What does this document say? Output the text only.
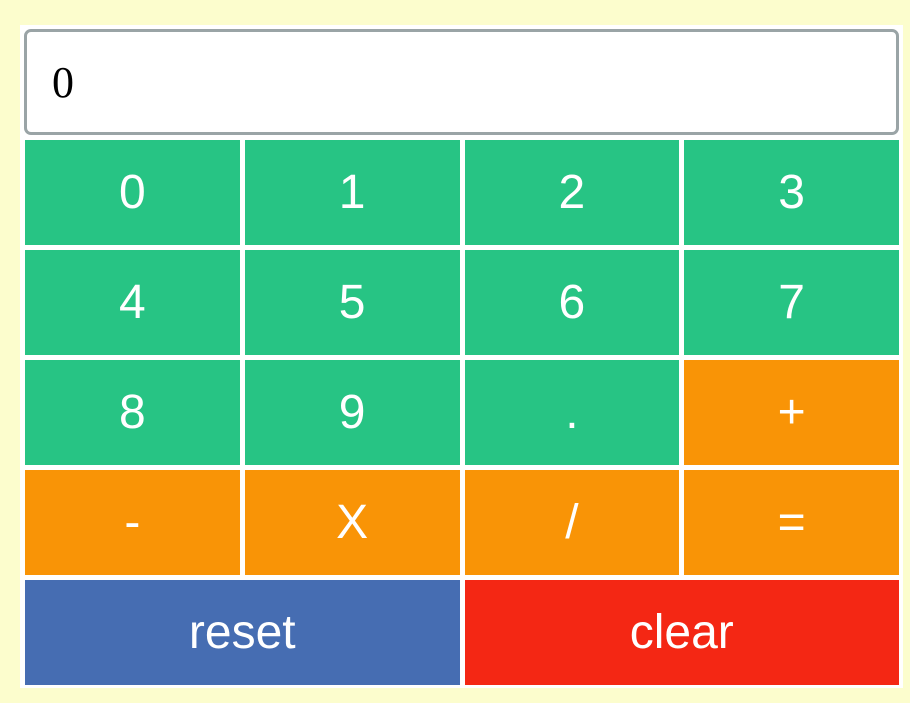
0
0	1	2	3
4	5	6	7
8	9	.	+
-	X	/	=
reset	clear
